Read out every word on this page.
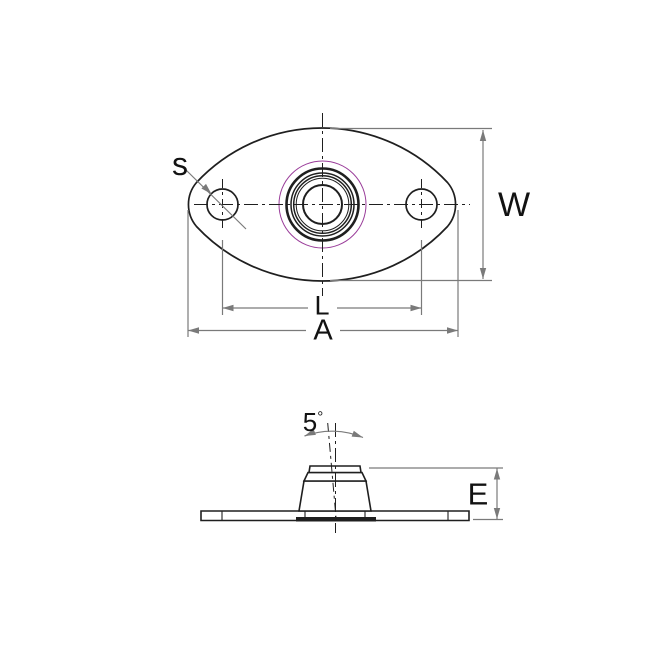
s
W
L
A
5°
E
